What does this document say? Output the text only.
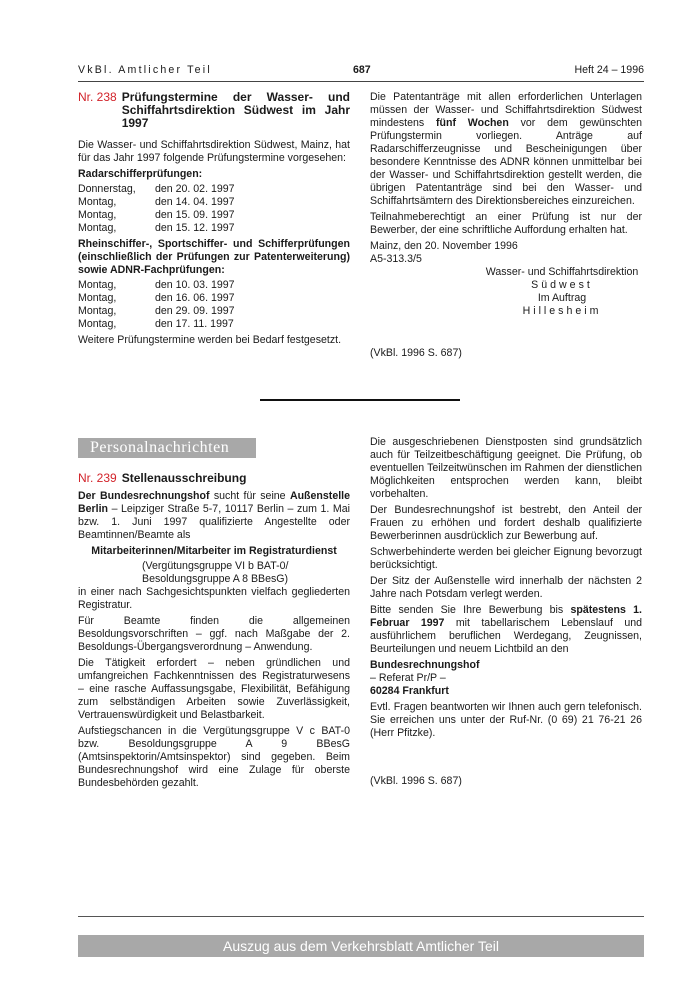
VkBl. Amtlicher Teil	687	Heft 24 – 1996
Nr. 238 Prüfungstermine der Wasser- und Schiffahrtsdirektion Südwest im Jahr 1997

Die Wasser- und Schiffahrtsdirektion Südwest, Mainz, hat für das Jahr 1997 folgende Prüfungstermine vorgesehen:

Radarschifferprüfungen:
Donnerstag,	den 20. 02. 1997
Montag,	den 14. 04. 1997
Montag,	den 15. 09. 1997
Montag,	den 15. 12. 1997
Rheinschiffer-, Sportschiffer- und Schifferprüfungen (einschließlich der Prüfungen zur Patenterweiterung) sowie ADNR-Fachprüfungen:
Montag,	den 10. 03. 1997
Montag,	den 16. 06. 1997
Montag,	den 29. 09. 1997
Montag,	den 17. 11. 1997

Weitere Prüfungstermine werden bei Bedarf festgesetzt.

Die Patentanträge mit allen erforderlichen Unterlagen müssen der Wasser- und Schiffahrtsdirektion Südwest mindestens fünf Wochen vor dem gewünschten Prüfungstermin vorliegen. Anträge auf Radarschifferzeugnisse und Bescheinigungen über besondere Kenntnisse des ADNR können unmittelbar bei der Wasser- und Schiffahrtsdirektion gestellt werden, die übrigen Patentanträge sind bei den Wasser- und Schiffahrtsämtern des Direktionsbereiches einzureichen.

Teilnahmeberechtigt an einer Prüfung ist nur der Bewerber, der eine schriftliche Auffordung erhalten hat.

Mainz, den 20. November 1996

A5-313.3/5

Wasser- und Schiffahrtsdirektion
Südwest
Im Auftrag
Hillesheim
(VkBl. 1996 S. 687)
Personalnachrichten
Nr. 239 Stellenausschreibung

Der Bundesrechnungshof sucht für seine Außenstelle Berlin – Leipziger Straße 5-7, 10117 Berlin – zum 1. Mai bzw. 1. Juni 1997 qualifizierte Angestellte oder Beamtinnen/Beamte als

Mitarbeiterinnen/Mitarbeiter im Registraturdienst
(Vergütungsgruppe VI b BAT-0/
Besoldungsgruppe A 8 BBesG)

in einer nach Sachgesichtspunkten vielfach gegliederten Registratur.

Für Beamte finden die allgemeinen Besoldungsvorschriften – ggf. nach Maßgabe der 2. Besoldungs-Übergangsverordnung – Anwendung.

Die Tätigkeit erfordert – neben gründlichen und umfangreichen Fachkenntnissen des Registraturwesens – eine rasche Auffassungsgabe, Flexibilität, Befähigung zum selbständigen Arbeiten sowie Zuverlässigkeit, Vertrauenswürdigkeit und Belastbarkeit.

Aufstiegschancen in die Vergütungsgruppe V c BAT-0 bzw. Besoldungsgruppe A 9 BBesG (Amtsinspektorin/Amtsinspektor) sind gegeben. Beim Bundesrechnungshof wird eine Zulage für oberste Bundesbehörden gezahlt.

Die ausgeschriebenen Dienstposten sind grundsätzlich auch für Teilzeitbeschäftigung geeignet. Die Prüfung, ob eventuellen Teilzeitwünschen im Rahmen der dienstlichen Möglichkeiten entsprochen werden kann, bleibt vorbehalten.

Der Bundesrechnungshof ist bestrebt, den Anteil der Frauen zu erhöhen und fordert deshalb qualifizierte Bewerberinnen ausdrücklich zur Bewerbung auf.

Schwerbehinderte werden bei gleicher Eignung bevorzugt berücksichtigt.

Der Sitz der Außenstelle wird innerhalb der nächsten 2 Jahre nach Potsdam verlegt werden.

Bitte senden Sie Ihre Bewerbung bis spätestens 1. Februar 1997 mit tabellarischem Lebenslauf und ausführlichem beruflichen Werdegang, Zeugnissen, Beurteilungen und neuem Lichtbild an den

Bundesrechnungshof
– Referat Pr/P –
60284 Frankfurt

Evtl. Fragen beantworten wir Ihnen auch gern telefonisch. Sie erreichen uns unter der Ruf-Nr. (0 69) 21 76-21 26 (Herr Pfitzke).

(VkBl. 1996 S. 687)
Auszug aus dem Verkehrsblatt Amtlicher Teil
